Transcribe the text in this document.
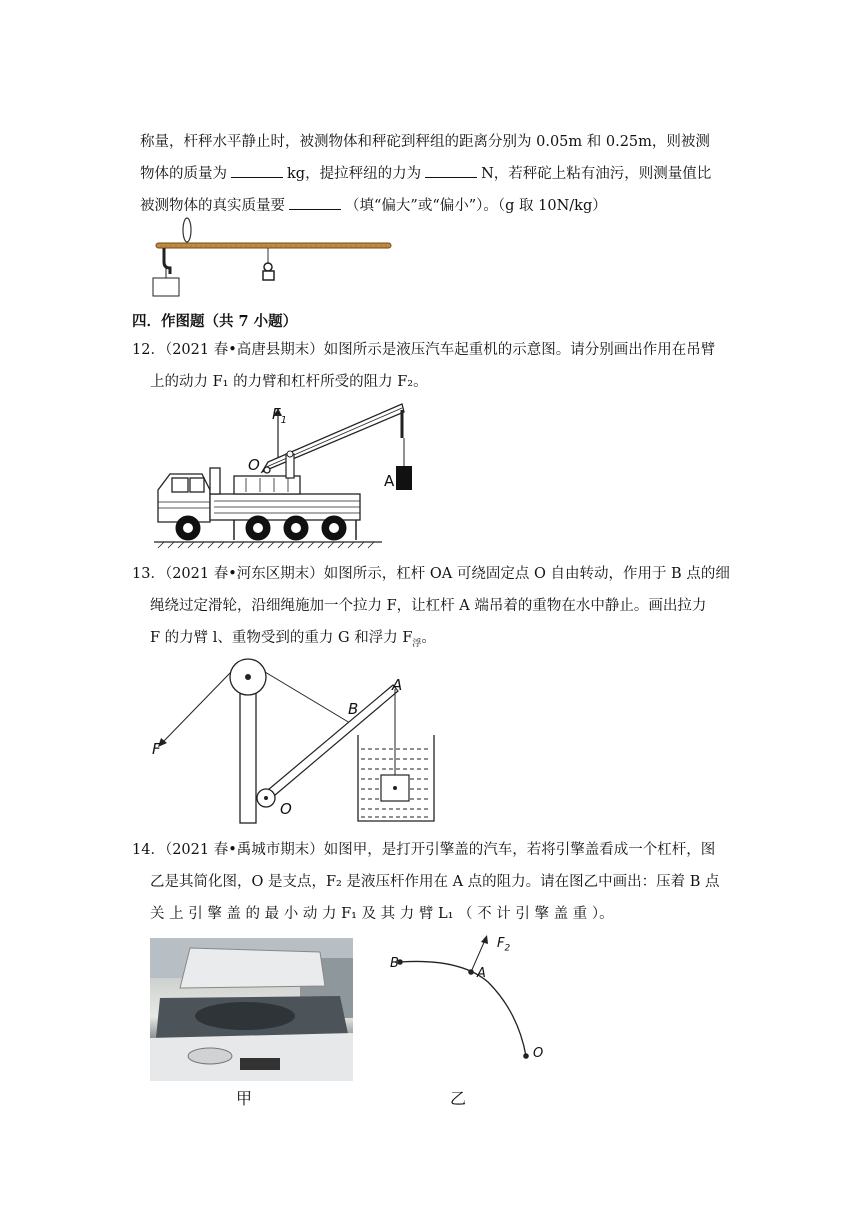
称量，杆秤水平静止时，被测物体和秤砣到秤组的距离分别为 0.05m 和 0.25m，则被测

物体的质量为	kg，提拉秤纽的力为	N，若秤砣上粘有油污，则测量值比

被测物体的真实质量要	（填“偏大”或“偏小”）。（g 取 10N/kg）

四．作图题（共 7 小题）
12．（2021 春•高唐县期末）如图所示是液压汽车起重机的示意图。请分别画出作用在吊臂
上的动力 F₁ 的力臂和杠杆所受的阻力 F₂。
$F_1$
O
A
13．（2021 春•河东区期末）如图所示，杠杆 OA 可绕固定点 O 自由转动，作用于 B 点的细
绳绕过定滑轮，沿细绳施加一个拉力 F，让杠杆 A 端吊着的重物在水中静止。画出拉力
F 的力臂 l、重物受到的重力 G 和浮力 $F_浮$。
A
B
F
O
14．（2021 春•禹城市期末）如图甲，是打开引擎盖的汽车，若将引擎盖看成一个杠杆，图
乙是其简化图，O 是支点，F₂ 是液压杆作用在 A 点的阻力。请在图乙中画出：压着 B 点
关 上 引 擎 盖 的 最 小 动 力 F₁ 及 其 力 臂 L₁ （ 不 计 引 擎 盖 重 ）。
B
A
$F_2$
O
甲	乙
